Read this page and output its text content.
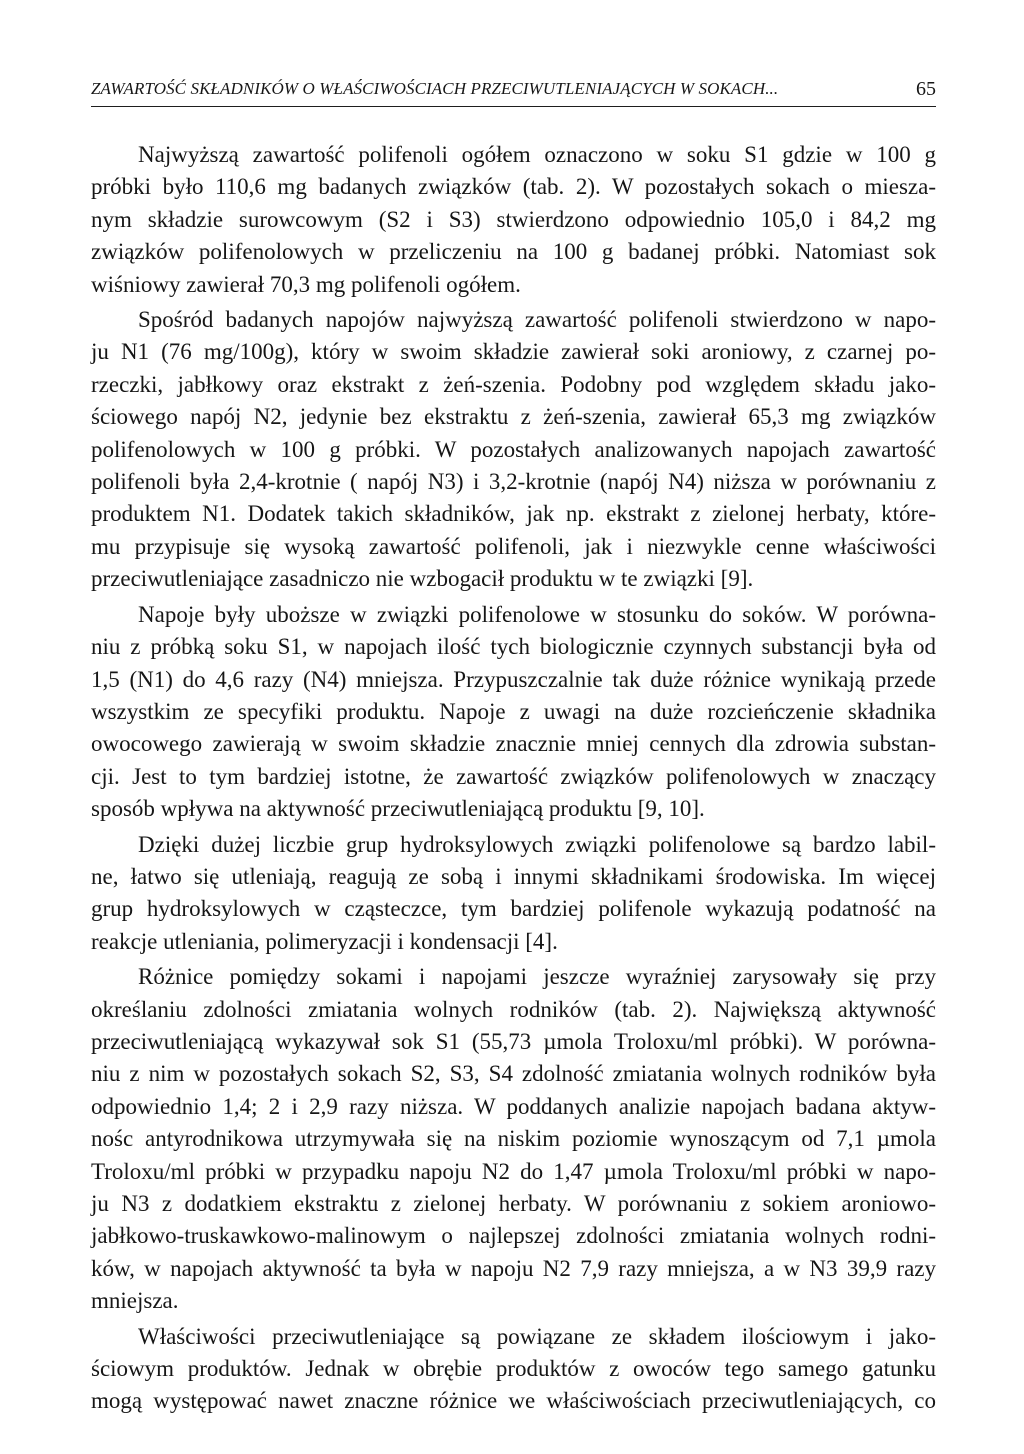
ZAWARTOŚĆ SKŁADNIKÓW O WŁAŚCIWOŚCIACH PRZECIWUTLENIAJĄCYCH W SOKACH...	65
Najwyższą zawartość polifenoli ogółem oznaczono w soku S1 gdzie w 100 g
próbki było 110,6 mg badanych związków (tab. 2). W pozostałych sokach o miesza-
nym składzie surowcowym (S2 i S3) stwierdzono odpowiednio 105,0 i 84,2 mg
związków polifenolowych w przeliczeniu na 100 g badanej próbki. Natomiast sok
wiśniowy zawierał 70,3 mg polifenoli ogółem.
Spośród badanych napojów najwyższą zawartość polifenoli stwierdzono w napo-
ju N1 (76 mg/100g), który w swoim składzie zawierał soki aroniowy, z czarnej po-
rzeczki, jabłkowy oraz ekstrakt z żeń-szenia. Podobny pod względem składu jako-
ściowego napój N2, jedynie bez ekstraktu z żeń-szenia, zawierał 65,3 mg związków
polifenolowych w 100 g próbki. W pozostałych analizowanych napojach zawartość
polifenoli była 2,4-krotnie ( napój N3) i 3,2-krotnie (napój N4) niższa w porównaniu z
produktem N1. Dodatek takich składników, jak np. ekstrakt z zielonej herbaty, które-
mu przypisuje się wysoką zawartość polifenoli, jak i niezwykle cenne właściwości
przeciwutleniające zasadniczo nie wzbogacił produktu w te związki [9].
Napoje były uboższe w związki polifenolowe w stosunku do soków. W porówna-
niu z próbką soku S1, w napojach ilość tych biologicznie czynnych substancji była od
1,5 (N1) do 4,6 razy (N4) mniejsza. Przypuszczalnie tak duże różnice wynikają przede
wszystkim ze specyfiki produktu. Napoje z uwagi na duże rozcieńczenie składnika
owocowego zawierają w swoim składzie znacznie mniej cennych dla zdrowia substan-
cji. Jest to tym bardziej istotne, że zawartość związków polifenolowych w znaczący
sposób wpływa na aktywność przeciwutleniającą produktu [9, 10].
Dzięki dużej liczbie grup hydroksylowych związki polifenolowe są bardzo labil-
ne, łatwo się utleniają, reagują ze sobą i innymi składnikami środowiska. Im więcej
grup hydroksylowych w cząsteczce, tym bardziej polifenole wykazują podatność na
reakcje utleniania, polimeryzacji i kondensacji [4].
Różnice pomiędzy sokami i napojami jeszcze wyraźniej zarysowały się przy
określaniu zdolności zmiatania wolnych rodników (tab. 2). Największą aktywność
przeciwutleniającą wykazywał sok S1 (55,73 µmola Troloxu/ml próbki). W porówna-
niu z nim w pozostałych sokach S2, S3, S4 zdolność zmiatania wolnych rodników była
odpowiednio 1,4; 2 i 2,9 razy niższa. W poddanych analizie napojach badana aktyw-
nośc antyrodnikowa utrzymywała się na niskim poziomie wynoszącym od 7,1 µmola
Troloxu/ml próbki w przypadku napoju N2 do 1,47 µmola Troloxu/ml próbki w napo-
ju N3 z dodatkiem ekstraktu z zielonej herbaty. W porównaniu z sokiem aroniowo-
jabłkowo-truskawkowo-malinowym o najlepszej zdolności zmiatania wolnych rodni-
ków, w napojach aktywność ta była w napoju N2 7,9 razy mniejsza, a w N3 39,9 razy
mniejsza.
Właściwości przeciwutleniające są powiązane ze składem ilościowym i jako-
ściowym produktów. Jednak w obrębie produktów z owoców tego samego gatunku
mogą występować nawet znaczne różnice we właściwościach przeciwutleniających, co
